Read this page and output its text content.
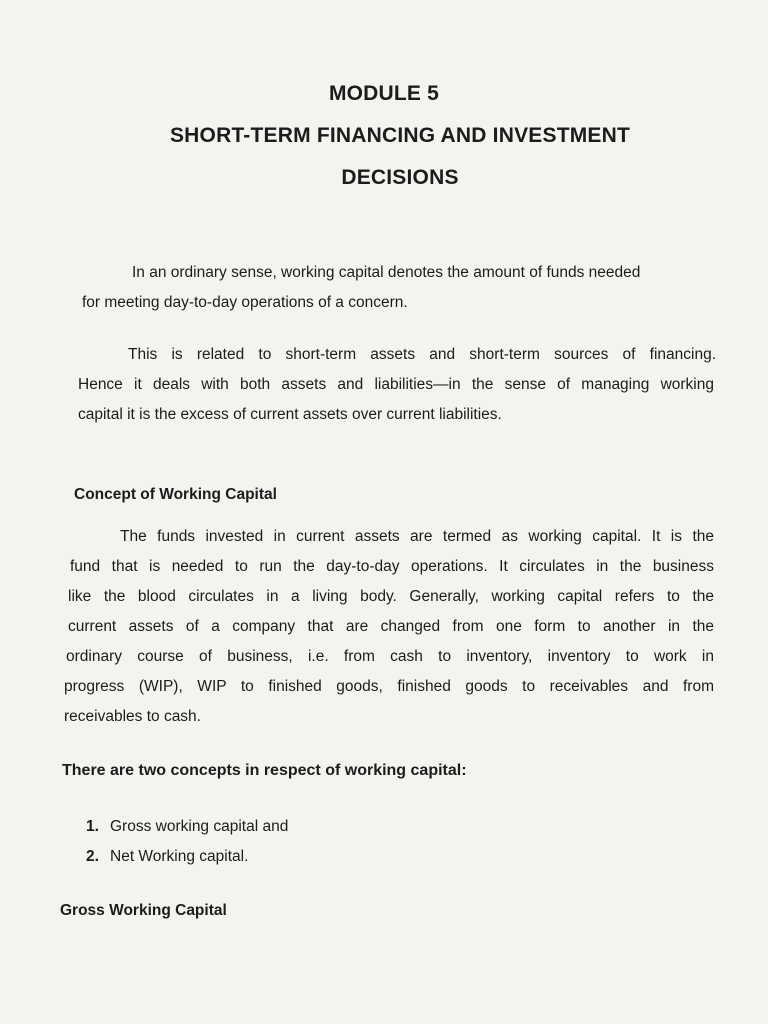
MODULE 5
SHORT-TERM FINANCING AND INVESTMENT
DECISIONS

In an ordinary sense, working capital denotes the amount of funds needed

for meeting day-to-day operations of a concern.

This is related to short-term assets and short-term sources of financing.

Hence it deals with both assets and liabilities—in the sense of managing working

capital it is the excess of current assets over current liabilities.

Concept of Working Capital

The funds invested in current assets are termed as working capital. It is the

fund that is needed to run the day-to-day operations. It circulates in the business

like the blood circulates in a living body. Generally, working capital refers to the

current assets of a company that are changed from one form to another in the

ordinary course of business, i.e. from cash to inventory, inventory to work in

progress (WIP), WIP to finished goods, finished goods to receivables and from

receivables to cash.

There are two concepts in respect of working capital:

1. Gross working capital and
2. Net Working capital.

Gross Working Capital
